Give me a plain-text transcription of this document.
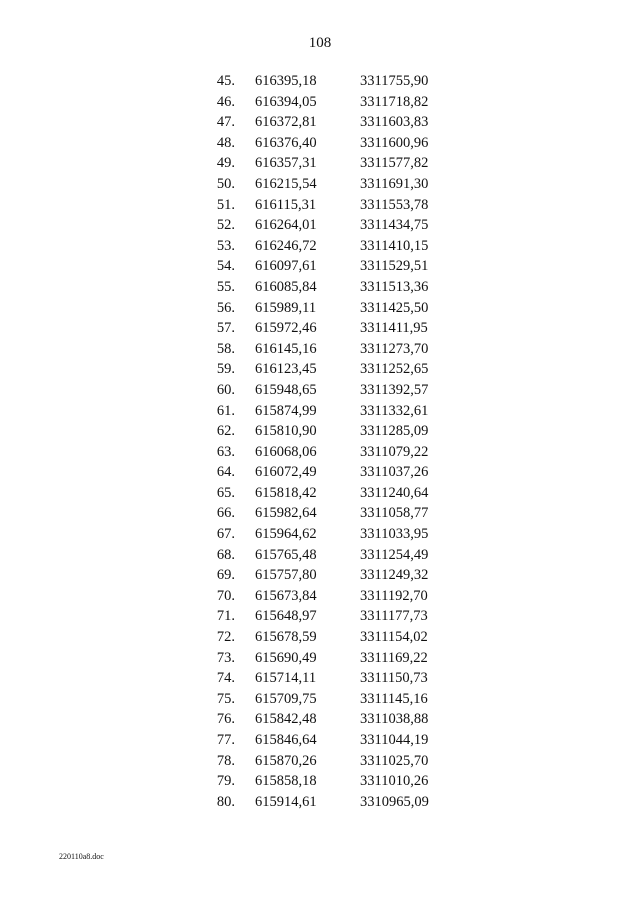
108
45. 616395,18	3311755,90
46. 616394,05	3311718,82
47. 616372,81	3311603,83
48. 616376,40	3311600,96
49. 616357,31	3311577,82
50. 616215,54	3311691,30
51. 616115,31	3311553,78
52. 616264,01	3311434,75
53. 616246,72	3311410,15
54. 616097,61	3311529,51
55. 616085,84	3311513,36
56. 615989,11	3311425,50
57. 615972,46	3311411,95
58. 616145,16	3311273,70
59. 616123,45	3311252,65
60. 615948,65	3311392,57
61. 615874,99	3311332,61
62. 615810,90	3311285,09
63. 616068,06	3311079,22
64. 616072,49	3311037,26
65. 615818,42	3311240,64
66. 615982,64	3311058,77
67. 615964,62	3311033,95
68. 615765,48	3311254,49
69. 615757,80	3311249,32
70. 615673,84	3311192,70
71. 615648,97	3311177,73
72. 615678,59	3311154,02
73. 615690,49	3311169,22
74. 615714,11	3311150,73
75. 615709,75	3311145,16
76. 615842,48	3311038,88
77. 615846,64	3311044,19
78. 615870,26	3311025,70
79. 615858,18	3311010,26
80. 615914,61	3310965,09
220110a8.doc
